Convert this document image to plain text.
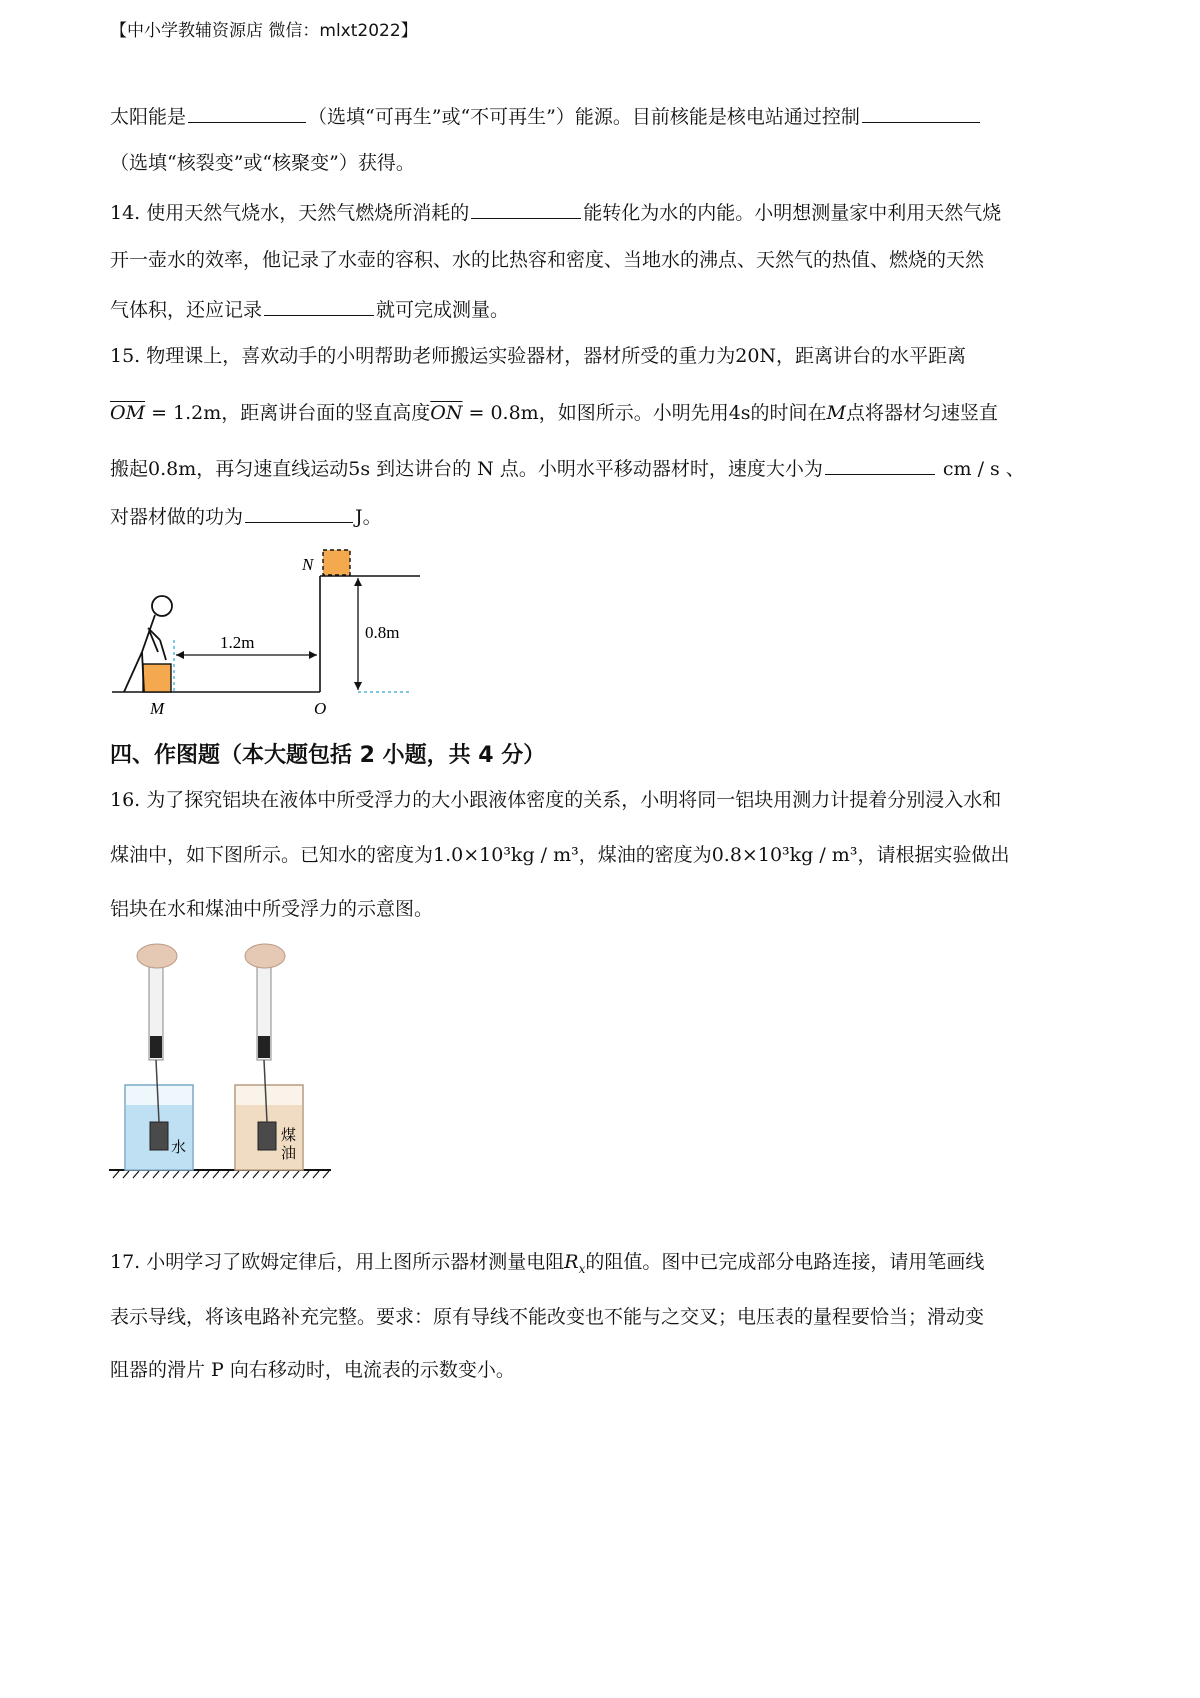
【中小学教辅资源店 微信：mlxt2022】
太阳能是	（选填“可再生”或“不可再生”）能源。目前核能是核电站通过控制
（选填“核裂变”或“核聚变”）获得。
14. 使用天然气烧水，天然气燃烧所消耗的	能转化为水的内能。小明想测量家中利用天然气烧
开一壶水的效率，他记录了水壶的容积、水的比热容和密度、当地水的沸点、天然气的热值、燃烧的天然
气体积，还应记录	就可完成测量。
15. 物理课上，喜欢动手的小明帮助老师搬运实验器材，器材所受的重力为20N，距离讲台的水平距离
$\overline{OM} = 1.2m$，距离讲台面的竖直高度$\overline{ON} = 0.8m$，如图所示。小明先用4s的时间在M点将器材匀速竖直
搬起0.8m，再匀速直线运动5s 到达讲台的 N 点。小明水平移动器材时，速度大小为	cm / s 、
对器材做的功为	J。
1.2m
0.8m
N
M	O
四、作图题（本大题包括 2 小题，共 4 分）
16. 为了探究铝块在液体中所受浮力的大小跟液体密度的关系，小明将同一铝块用测力计提着分别浸入水和
煤油中，如下图所示。已知水的密度为1.0×10³kg / m³，煤油的密度为0.8×10³kg / m³，请根据实验做出
铝块在水和煤油中所受浮力的示意图。
水
煤
油
17. 小明学习了欧姆定律后，用上图所示器材测量电阻$R_x$的阻值。图中已完成部分电路连接，请用笔画线
表示导线，将该电路补充完整。要求：原有导线不能改变也不能与之交叉；电压表的量程要恰当；滑动变
阻器的滑片 P 向右移动时，电流表的示数变小。
